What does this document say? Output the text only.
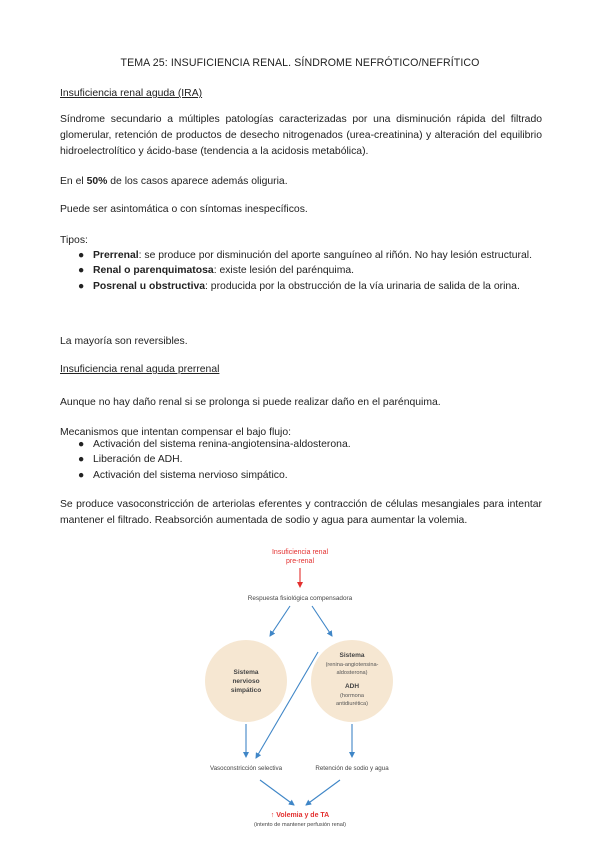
TEMA 25: INSUFICIENCIA RENAL. SÍNDROME NEFRÓTICO/NEFRÍTICO
Insuficiencia renal aguda (IRA)

Síndrome secundario a múltiples patologías caracterizadas por una disminución rápida del filtrado glomerular, retención de productos de desecho nitrogenados (urea-creatinina) y alteración del equilibrio hidroelectrolítico y ácido-base (tendencia a la acidosis metabólica).

En el 50% de los casos aparece además oliguria.

Puede ser asintomática o con síntomas inespecíficos.

Tipos:

● Prerrenal: se produce por disminución del aporte sanguíneo al riñón. No hay lesión estructural.
● Renal o parenquimatosa: existe lesión del parénquima.
● Posrenal u obstructiva: producida por la obstrucción de la vía urinaria de salida de la orina.

La mayoría son reversibles.

Insuficiencia renal aguda prerrenal

Aunque no hay daño renal si se prolonga si puede realizar daño en el parénquima.

Mecanismos que intentan compensar el bajo flujo:

● Activación del sistema renina-angiotensina-aldosterona.
● Liberación de ADH.
● Activación del sistema nervioso simpático.

Se produce vasoconstricción de arteriolas eferentes y contracción de células mesangiales para intentar mantener el filtrado. Reabsorción aumentada de sodio y agua para aumentar la volemia.

Insuficiencia renal
pre-renal
Respuesta fisiológica compensadora
Sistema
nervioso
simpático
Sistema
(renina-angiotensina-
aldosterona)
ADH
(hormona
antidiurética)
Vasoconstricción selectiva	Retención de sodio y agua
↑ Volemia y de TA
(intento de mantener perfusión renal)
